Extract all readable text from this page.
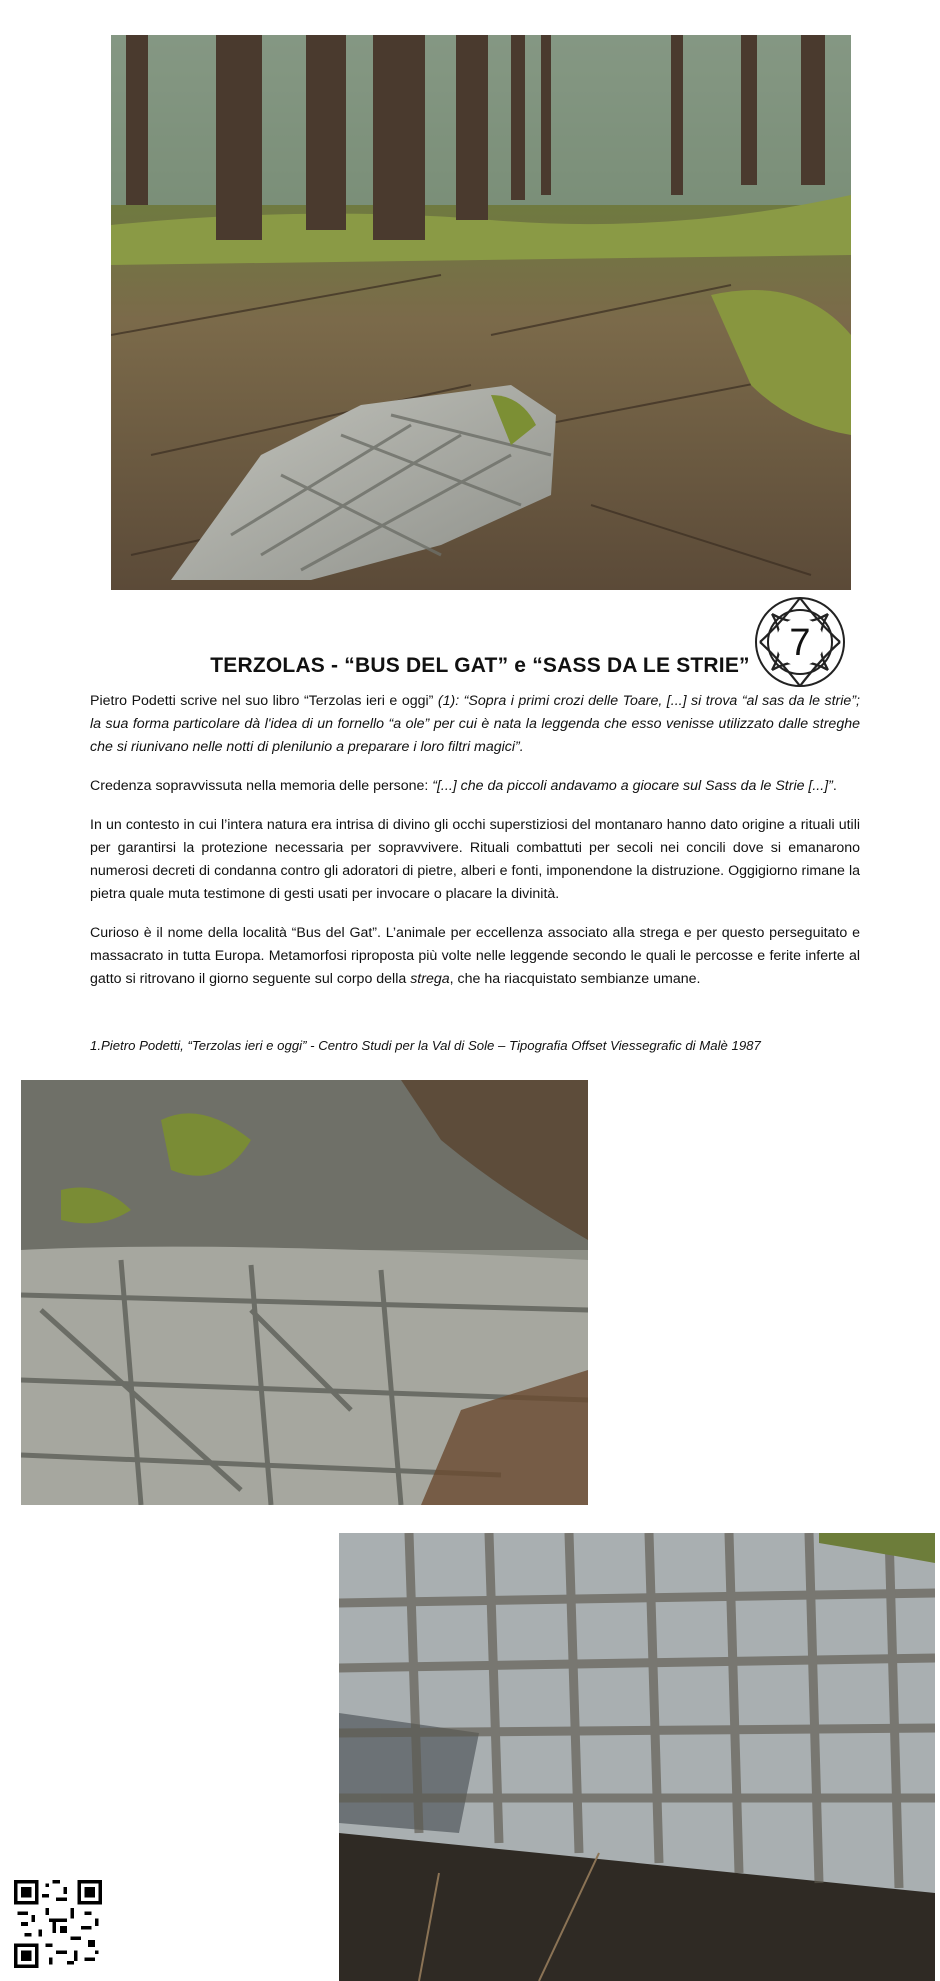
TERZOLAS - “BUS DEL GAT” e “SASS DA LE STRIE”
7

Pietro Podetti scrive nel suo libro “Terzolas ieri e oggi” (1): “Sopra i primi crozi delle Toare, [...] si trova “al sas da le strie”; la sua forma particolare dà l'idea di un fornello “a ole” per cui è nata la leggenda che esso venisse utilizzato dalle streghe che si riunivano nelle notti di plenilunio a preparare i loro filtri magici”.

Credenza sopravvissuta nella memoria delle persone: “[...] che da piccoli andavamo a giocare sul Sass da le Strie [...]”.

In un contesto in cui l’intera natura era intrisa di divino gli occhi superstiziosi del montanaro hanno dato origine a rituali utili per garantirsi la protezione necessaria per sopravvivere. Rituali combattuti per secoli nei concili dove si emanarono numerosi decreti di condanna contro gli adoratori di pietre, alberi e fonti, imponendone la distruzione. Oggigiorno rimane la pietra quale muta testimone di gesti usati per invocare o placare la divinità.

Curioso è il nome della località “Bus del Gat”. L’animale per eccellenza associato alla strega e per questo perseguitato e massacrato in tutta Europa. Metamorfosi riproposta più volte nelle leggende secondo le quali le percosse e ferite inferte al gatto si ritrovano il giorno seguente sul corpo della strega, che ha riacquistato sembianze umane.

1.Pietro Podetti, “Terzolas ieri e oggi” - Centro Studi per la Val di Sole – Tipografia Offset Viessegrafic di Malè 1987
